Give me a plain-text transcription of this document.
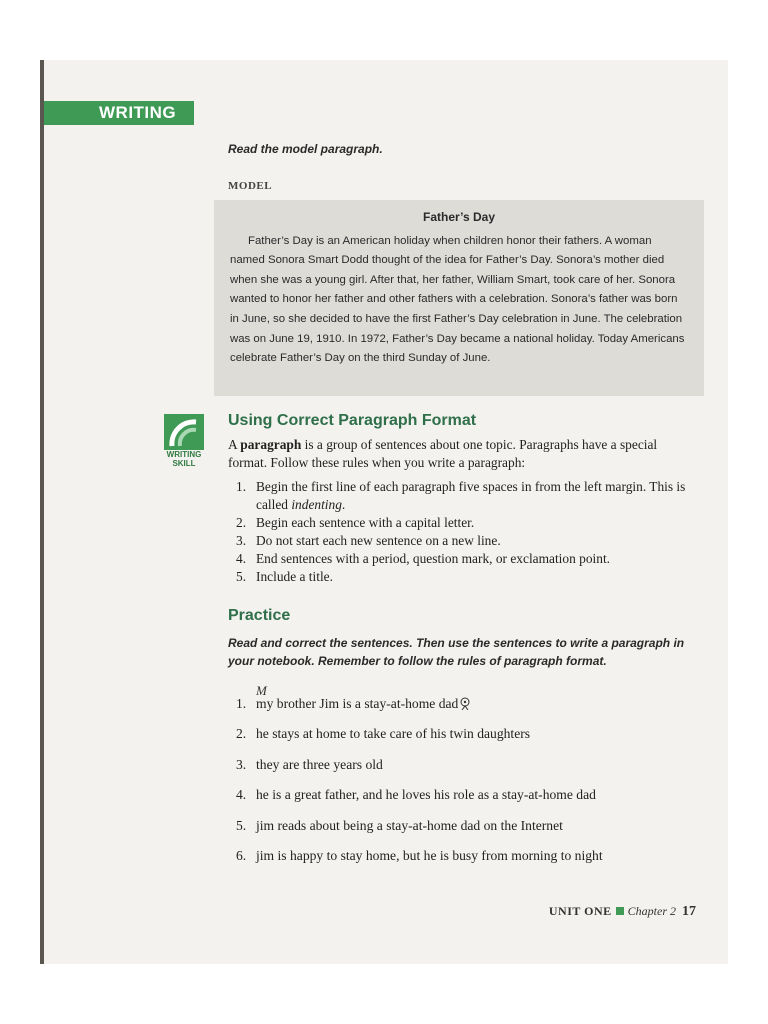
WRITING
Read the model paragraph.
MODEL
Father’s Day

Father’s Day is an American holiday when children honor their fathers. A woman named Sonora Smart Dodd thought of the idea for Father’s Day. Sonora’s mother died when she was a young girl. After that, her father, William Smart, took care of her. Sonora wanted to honor her father and other fathers with a celebration. Sonora’s father was born in June, so she decided to have the first Father’s Day celebration in June. The celebration was on June 19, 1910. In 1972, Father’s Day became a national holiday. Today Americans celebrate Father’s Day on the third Sunday of June.

WRITING
SKILL
Using Correct Paragraph Format
A paragraph is a group of sentences about one topic. Paragraphs have a special format. Follow these rules when you write a paragraph:
1. Begin the first line of each paragraph five spaces in from the left margin. This is called indenting.
2. Begin each sentence with a capital letter.
3. Do not start each new sentence on a new line.
4. End sentences with a period, question mark, or exclamation point.
5. Include a title.
Practice
Read and correct the sentences. Then use the sentences to write a paragraph in your notebook. Remember to follow the rules of paragraph format.
M
1. my brother Jim is a stay-at-home dad
2. he stays at home to take care of his twin daughters
3. they are three years old
4. he is a great father, and he loves his role as a stay-at-home dad
5. jim reads about being a stay-at-home dad on the Internet
6. jim is happy to stay home, but he is busy from morning to night
UNIT ONE Chapter 2 17
